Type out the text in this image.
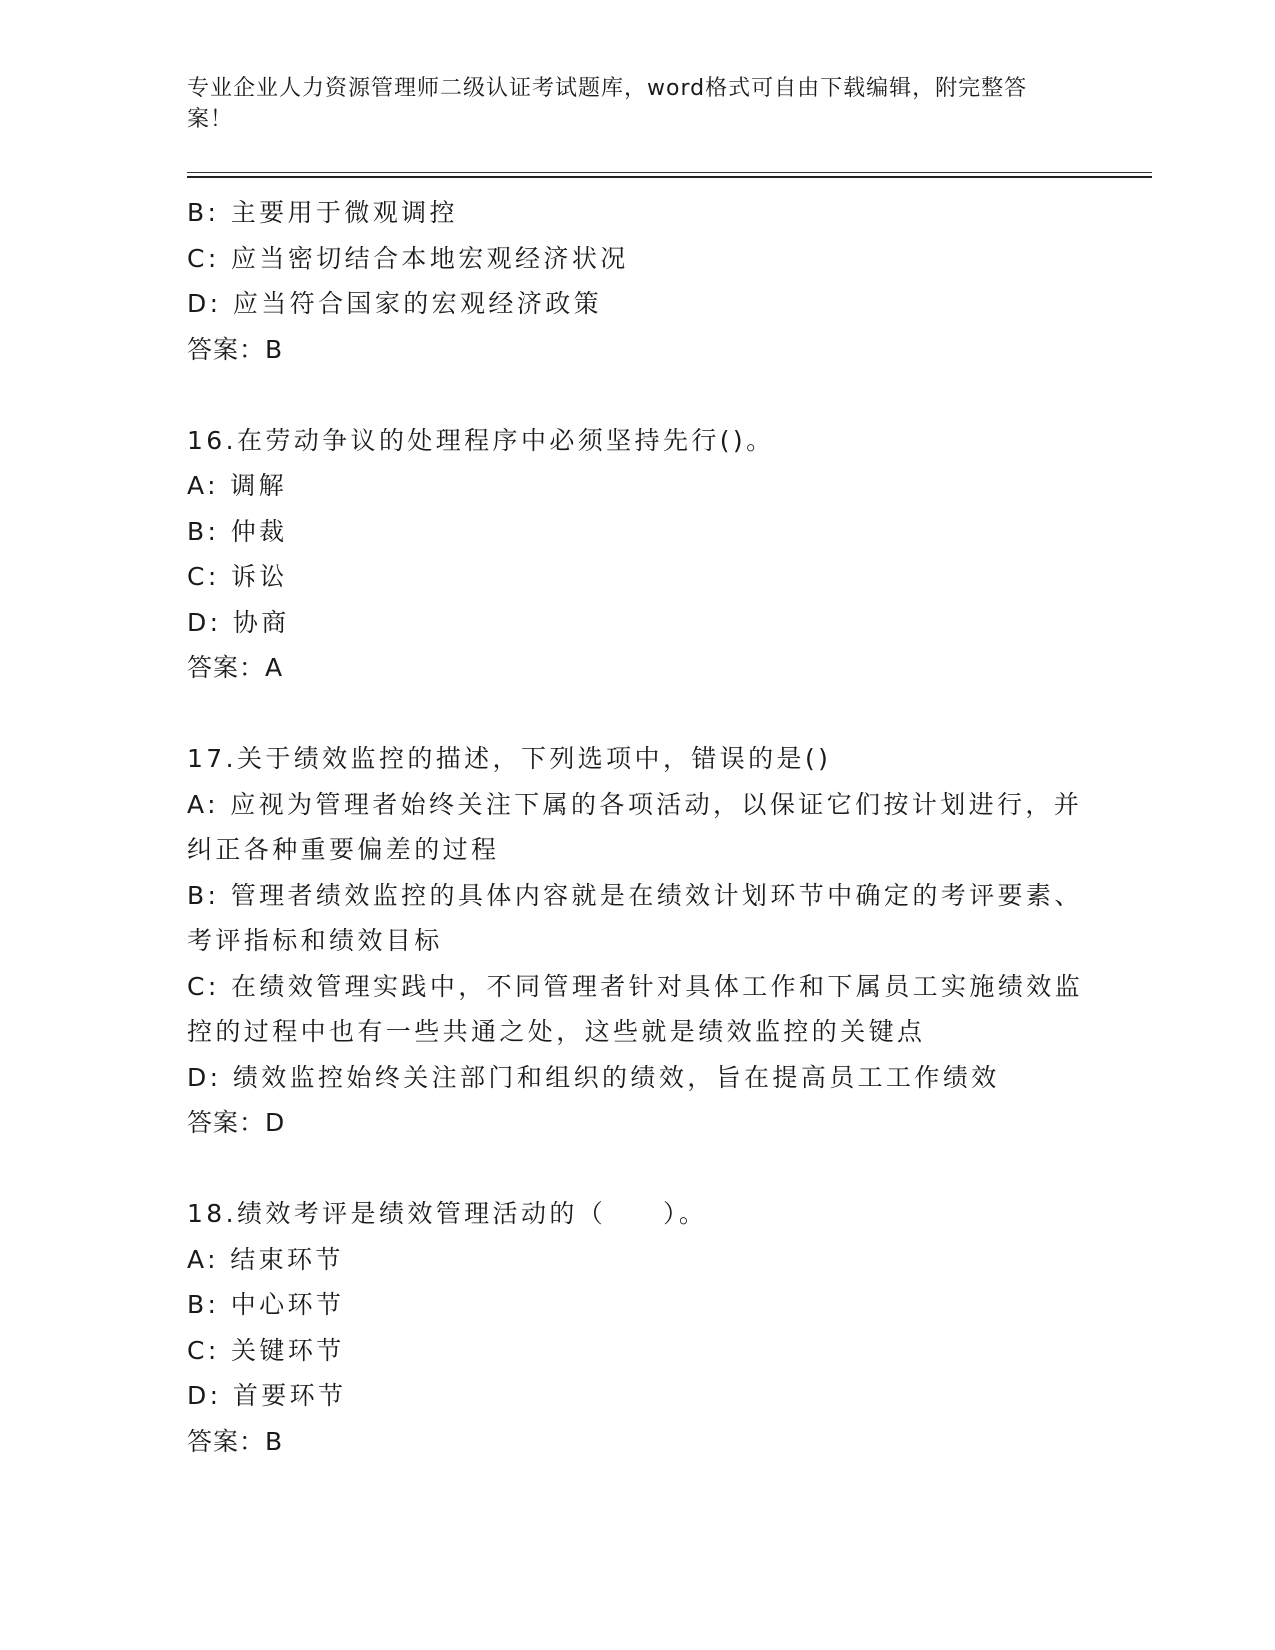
专业企业人力资源管理师二级认证考试题库，word格式可自由下载编辑，附完整答案！
B: 主要用于微观调控
C: 应当密切结合本地宏观经济状况
D: 应当符合国家的宏观经济政策
答案：B
16.在劳动争议的处理程序中必须坚持先行()。
A: 调解
B: 仲裁
C: 诉讼
D: 协商
答案：A
17.关于绩效监控的描述，下列选项中，错误的是()
A: 应视为管理者始终关注下属的各项活动，以保证它们按计划进行，并纠正各种重要偏差的过程
B: 管理者绩效监控的具体内容就是在绩效计划环节中确定的考评要素、考评指标和绩效目标
C: 在绩效管理实践中，不同管理者针对具体工作和下属员工实施绩效监控的过程中也有一些共通之处，这些就是绩效监控的关键点
D: 绩效监控始终关注部门和组织的绩效，旨在提高员工工作绩效
答案：D
18.绩效考评是绩效管理活动的（　　）。
A: 结束环节
B: 中心环节
C: 关键环节
D: 首要环节
答案：B
